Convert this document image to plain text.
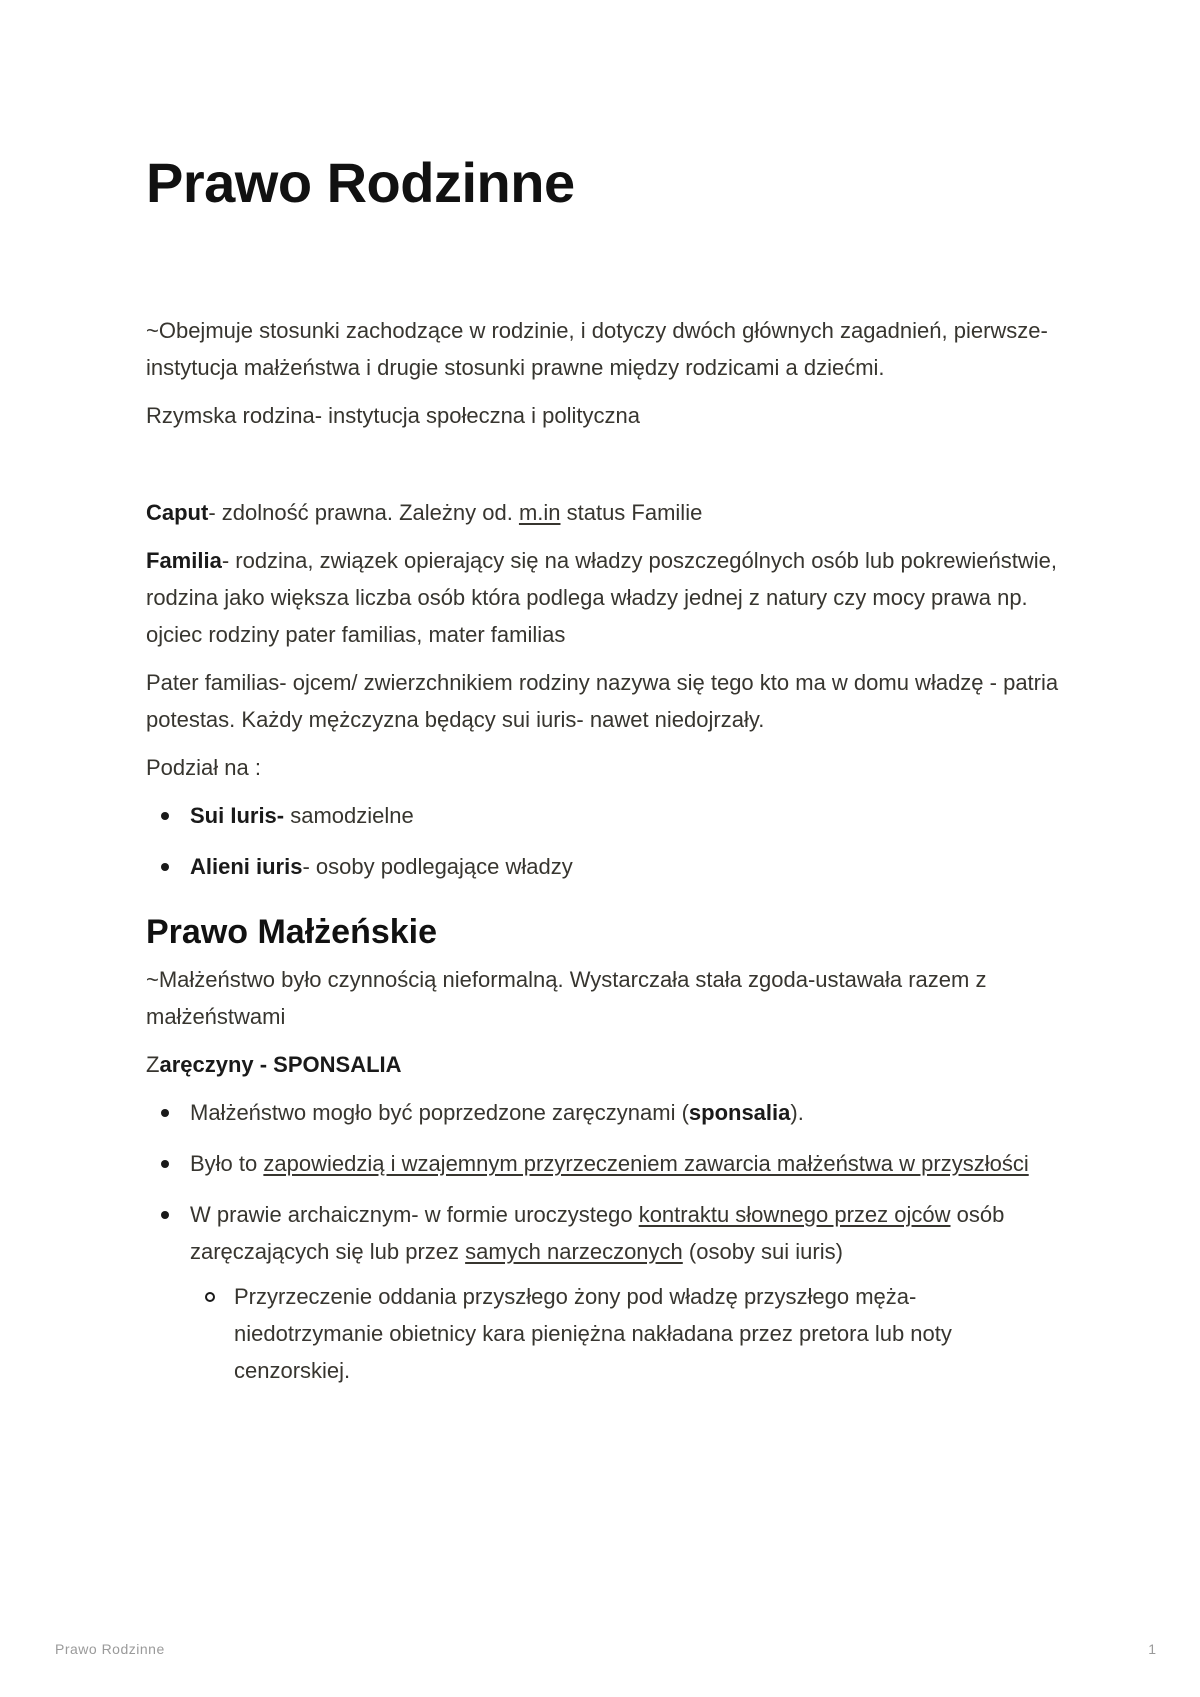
Prawo Rodzinne

~Obejmuje stosunki zachodzące w rodzinie, i dotyczy dwóch głównych zagadnień, pierwsze- instytucja małżeństwa i drugie stosunki prawne między rodzicami a dziećmi.

Rzymska rodzina- instytucja społeczna i polityczna

Caput- zdolność prawna. Zależny od. m.in status Familie

Familia- rodzina, związek opierający się na władzy poszczególnych osób lub pokrewieństwie, rodzina jako większa liczba osób która podlega władzy jednej z natury czy mocy prawa np. ojciec rodziny pater familias, mater familias

Pater familias- ojcem/ zwierzchnikiem rodziny nazywa się tego kto ma w domu władzę - patria potestas. Każdy mężczyzna będący sui iuris- nawet niedojrzały.

Podział na :

Sui Iuris- samodzielne
Alieni iuris- osoby podlegające władzy
Prawo Małżeńskie

~Małżeństwo było czynnością nieformalną. Wystarczała stała zgoda-ustawała razem z małżeństwami

Zaręczyny - SPONSALIA

Małżeństwo mogło być poprzedzone zaręczynami (sponsalia).
Było to zapowiedzią i wzajemnym przyrzeczeniem zawarcia małżeństwa w przyszłości
W prawie archaicznym- w formie uroczystego kontraktu słownego przez ojców osób zaręczających się lub przez samych narzeczonych (osoby sui iuris)
Przyrzeczenie oddania przyszłego żony pod władzę przyszłego męża- niedotrzymanie obietnicy kara pieniężna nakładana przez pretora lub noty cenzorskiej.
Prawo Rodzinne	1
